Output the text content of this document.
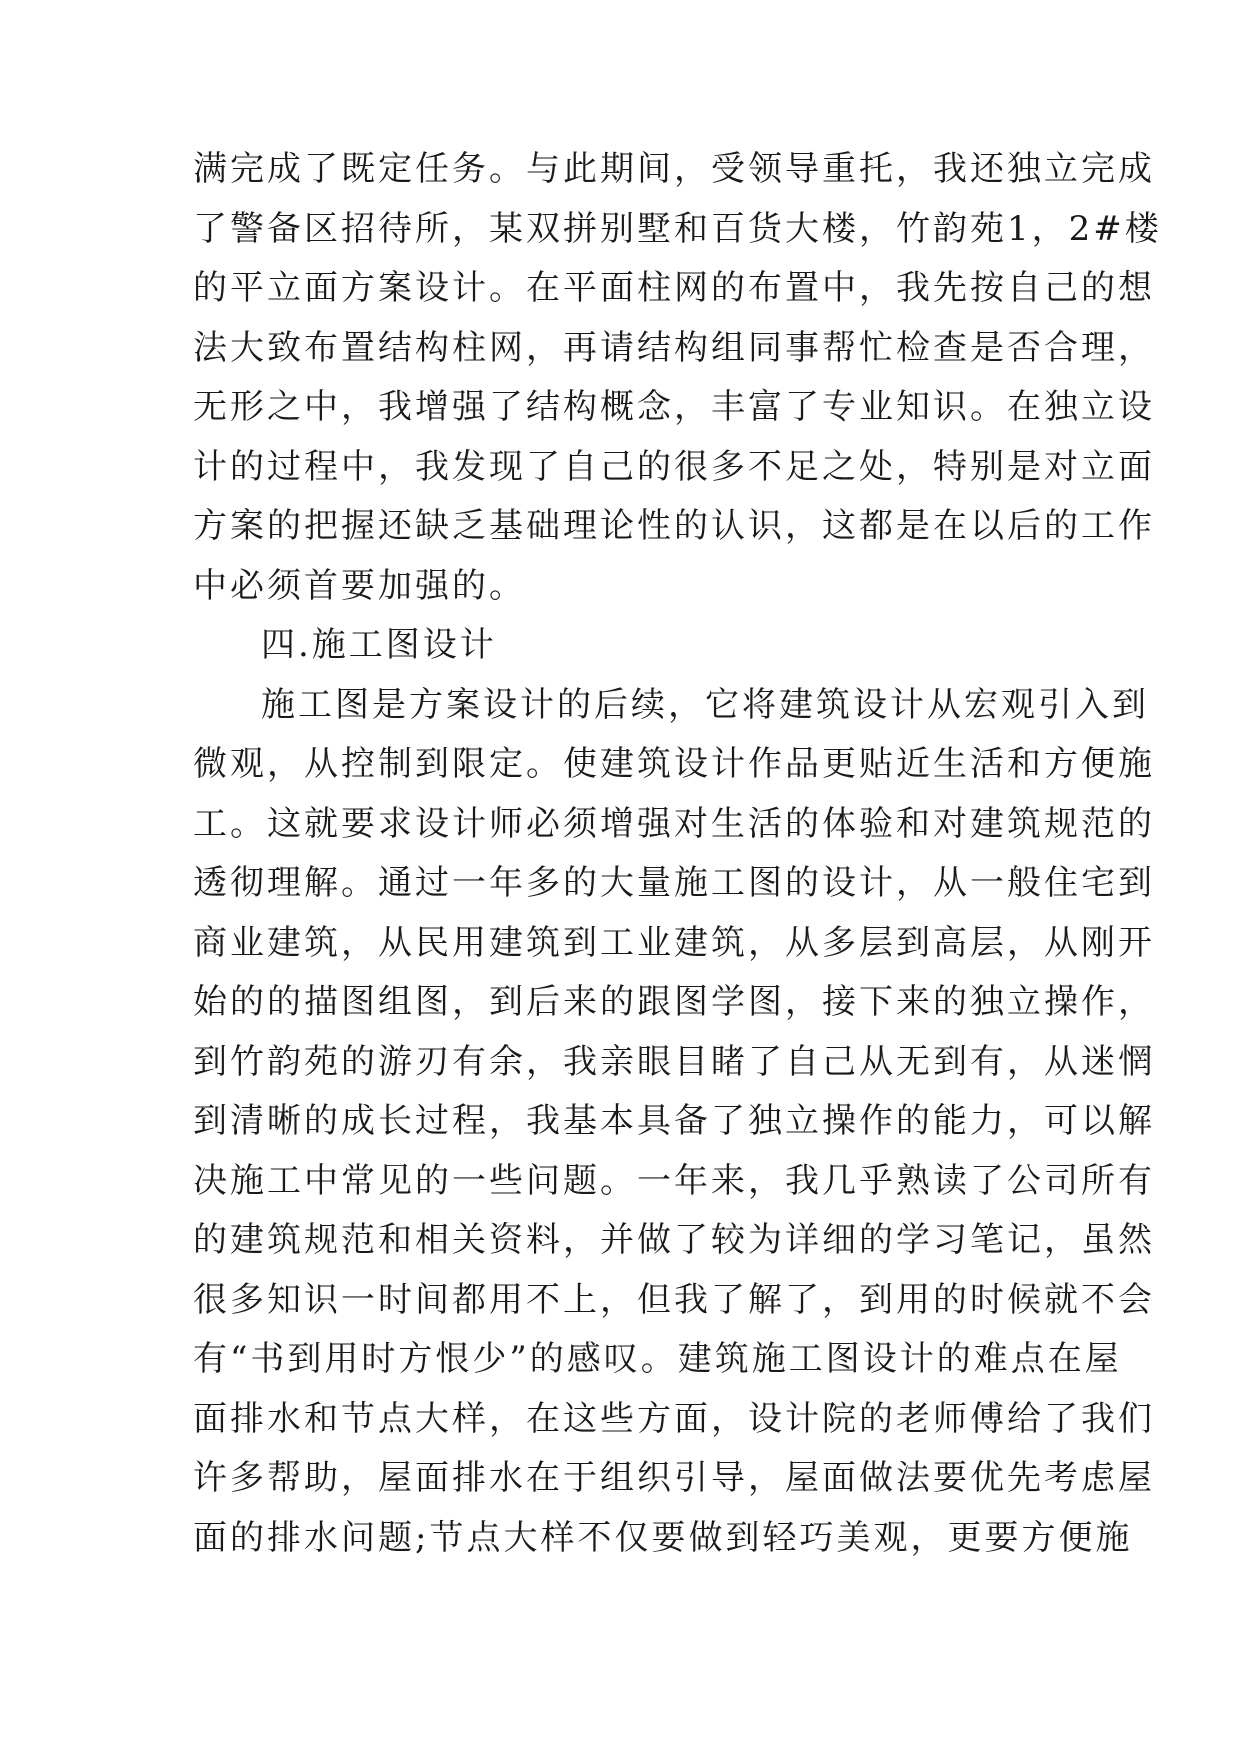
满完成了既定任务。与此期间，受领导重托，我还独立完成
了警备区招待所，某双拼别墅和百货大楼，竹韵苑1，2#楼
的平立面方案设计。在平面柱网的布置中，我先按自己的想
法大致布置结构柱网，再请结构组同事帮忙检查是否合理，
无形之中，我增强了结构概念，丰富了专业知识。在独立设
计的过程中，我发现了自己的很多不足之处，特别是对立面
方案的把握还缺乏基础理论性的认识，这都是在以后的工作
中必须首要加强的。
四.施工图设计
施工图是方案设计的后续，它将建筑设计从宏观引入到
微观，从控制到限定。使建筑设计作品更贴近生活和方便施
工。这就要求设计师必须增强对生活的体验和对建筑规范的
透彻理解。通过一年多的大量施工图的设计，从一般住宅到
商业建筑，从民用建筑到工业建筑，从多层到高层，从刚开
始的的描图组图，到后来的跟图学图，接下来的独立操作，
到竹韵苑的游刃有余，我亲眼目睹了自己从无到有，从迷惘
到清晰的成长过程，我基本具备了独立操作的能力，可以解
决施工中常见的一些问题。一年来，我几乎熟读了公司所有
的建筑规范和相关资料，并做了较为详细的学习笔记，虽然
很多知识一时间都用不上，但我了解了，到用的时候就不会
有“书到用时方恨少”的感叹。建筑施工图设计的难点在屋
面排水和节点大样，在这些方面，设计院的老师傅给了我们
许多帮助，屋面排水在于组织引导，屋面做法要优先考虑屋
面的排水问题;节点大样不仅要做到轻巧美观，更要方便施
